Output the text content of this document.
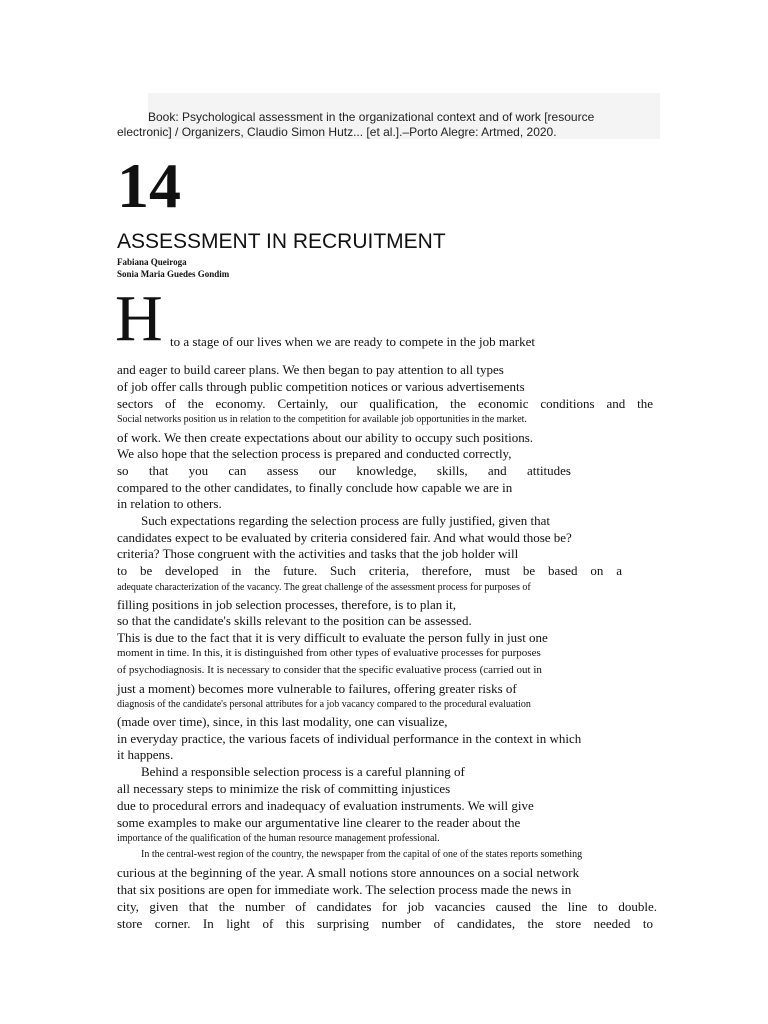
Book: Psychological assessment in the organizational context and of work [resource
electronic] / Organizers, Claudio Simon Hutz... [et al.].–Porto Alegre: Artmed, 2020.
14
ASSESSMENT IN RECRUITMENT
Fabiana Queiroga
Sonia Maria Guedes Gondim
H to a stage of our lives when we are ready to compete in the job market
and eager to build career plans. We then began to pay attention to all types
of job offer calls through public competition notices or various advertisements
sectors of the economy. Certainly, our qualification, the economic conditions and the
Social networks position us in relation to the competition for available job opportunities in the market.
of work. We then create expectations about our ability to occupy such positions.
We also hope that the selection process is prepared and conducted correctly,
so that you can assess our knowledge, skills, and attitudes
compared to the other candidates, to finally conclude how capable we are in
in relation to others.
Such expectations regarding the selection process are fully justified, given that
candidates expect to be evaluated by criteria considered fair. And what would those be?
criteria? Those congruent with the activities and tasks that the job holder will
to be developed in the future. Such criteria, therefore, must be based on a
adequate characterization of the vacancy. The great challenge of the assessment process for purposes of
filling positions in job selection processes, therefore, is to plan it,
so that the candidate's skills relevant to the position can be assessed.
This is due to the fact that it is very difficult to evaluate the person fully in just one
moment in time. In this, it is distinguished from other types of evaluative processes for purposes
of psychodiagnosis. It is necessary to consider that the specific evaluative process (carried out in
just a moment) becomes more vulnerable to failures, offering greater risks of
diagnosis of the candidate's personal attributes for a job vacancy compared to the procedural evaluation
(made over time), since, in this last modality, one can visualize,
in everyday practice, the various facets of individual performance in the context in which
it happens.
Behind a responsible selection process is a careful planning of
all necessary steps to minimize the risk of committing injustices
due to procedural errors and inadequacy of evaluation instruments. We will give
some examples to make our argumentative line clearer to the reader about the
importance of the qualification of the human resource management professional.
In the central-west region of the country, the newspaper from the capital of one of the states reports something
curious at the beginning of the year. A small notions store announces on a social network
that six positions are open for immediate work. The selection process made the news in
city, given that the number of candidates for job vacancies caused the line to double.
store corner. In light of this surprising number of candidates, the store needed to
